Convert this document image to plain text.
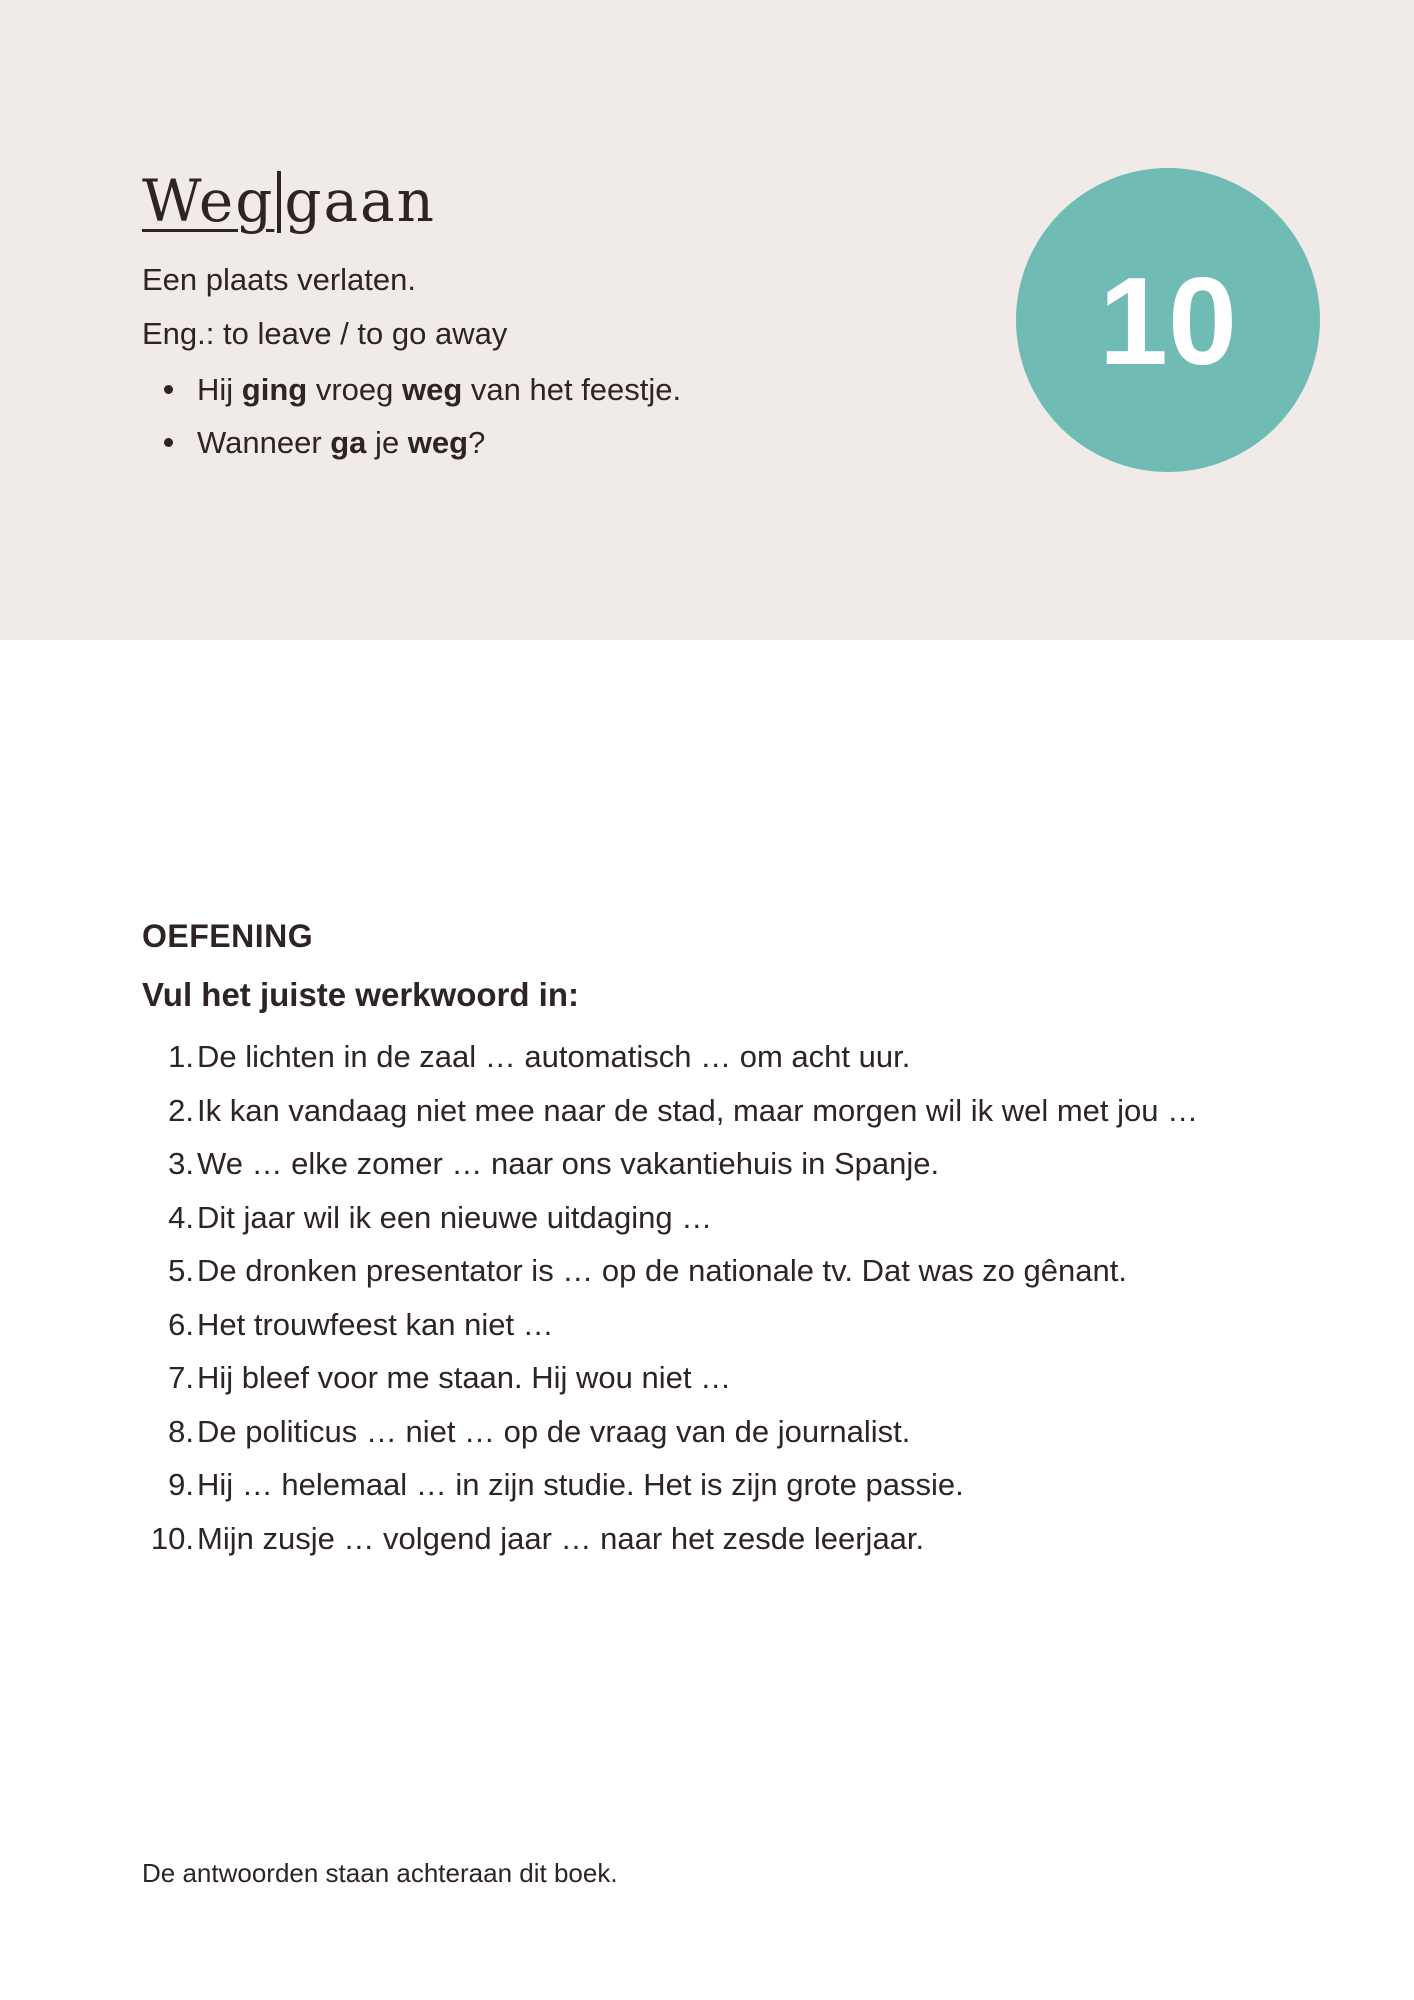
Weg gaan

Een plaats verlaten.

Eng.: to leave / to go away

Hij ging vroeg weg van het feestje.
Wanneer ga je weg?
10
OEFENING

Vul het juiste werkwoord in:

1. De lichten in de zaal … automatisch … om acht uur.
2. Ik kan vandaag niet mee naar de stad, maar morgen wil ik wel met jou …
3. We … elke zomer … naar ons vakantiehuis in Spanje.
4. Dit jaar wil ik een nieuwe uitdaging …
5. De dronken presentator is … op de nationale tv. Dat was zo gênant.
6. Het trouwfeest kan niet …
7. Hij bleef voor me staan. Hij wou niet …
8. De politicus … niet … op de vraag van de journalist.
9. Hij … helemaal … in zijn studie. Het is zijn grote passie.
10. Mijn zusje … volgend jaar … naar het zesde leerjaar.

De antwoorden staan achteraan dit boek.
